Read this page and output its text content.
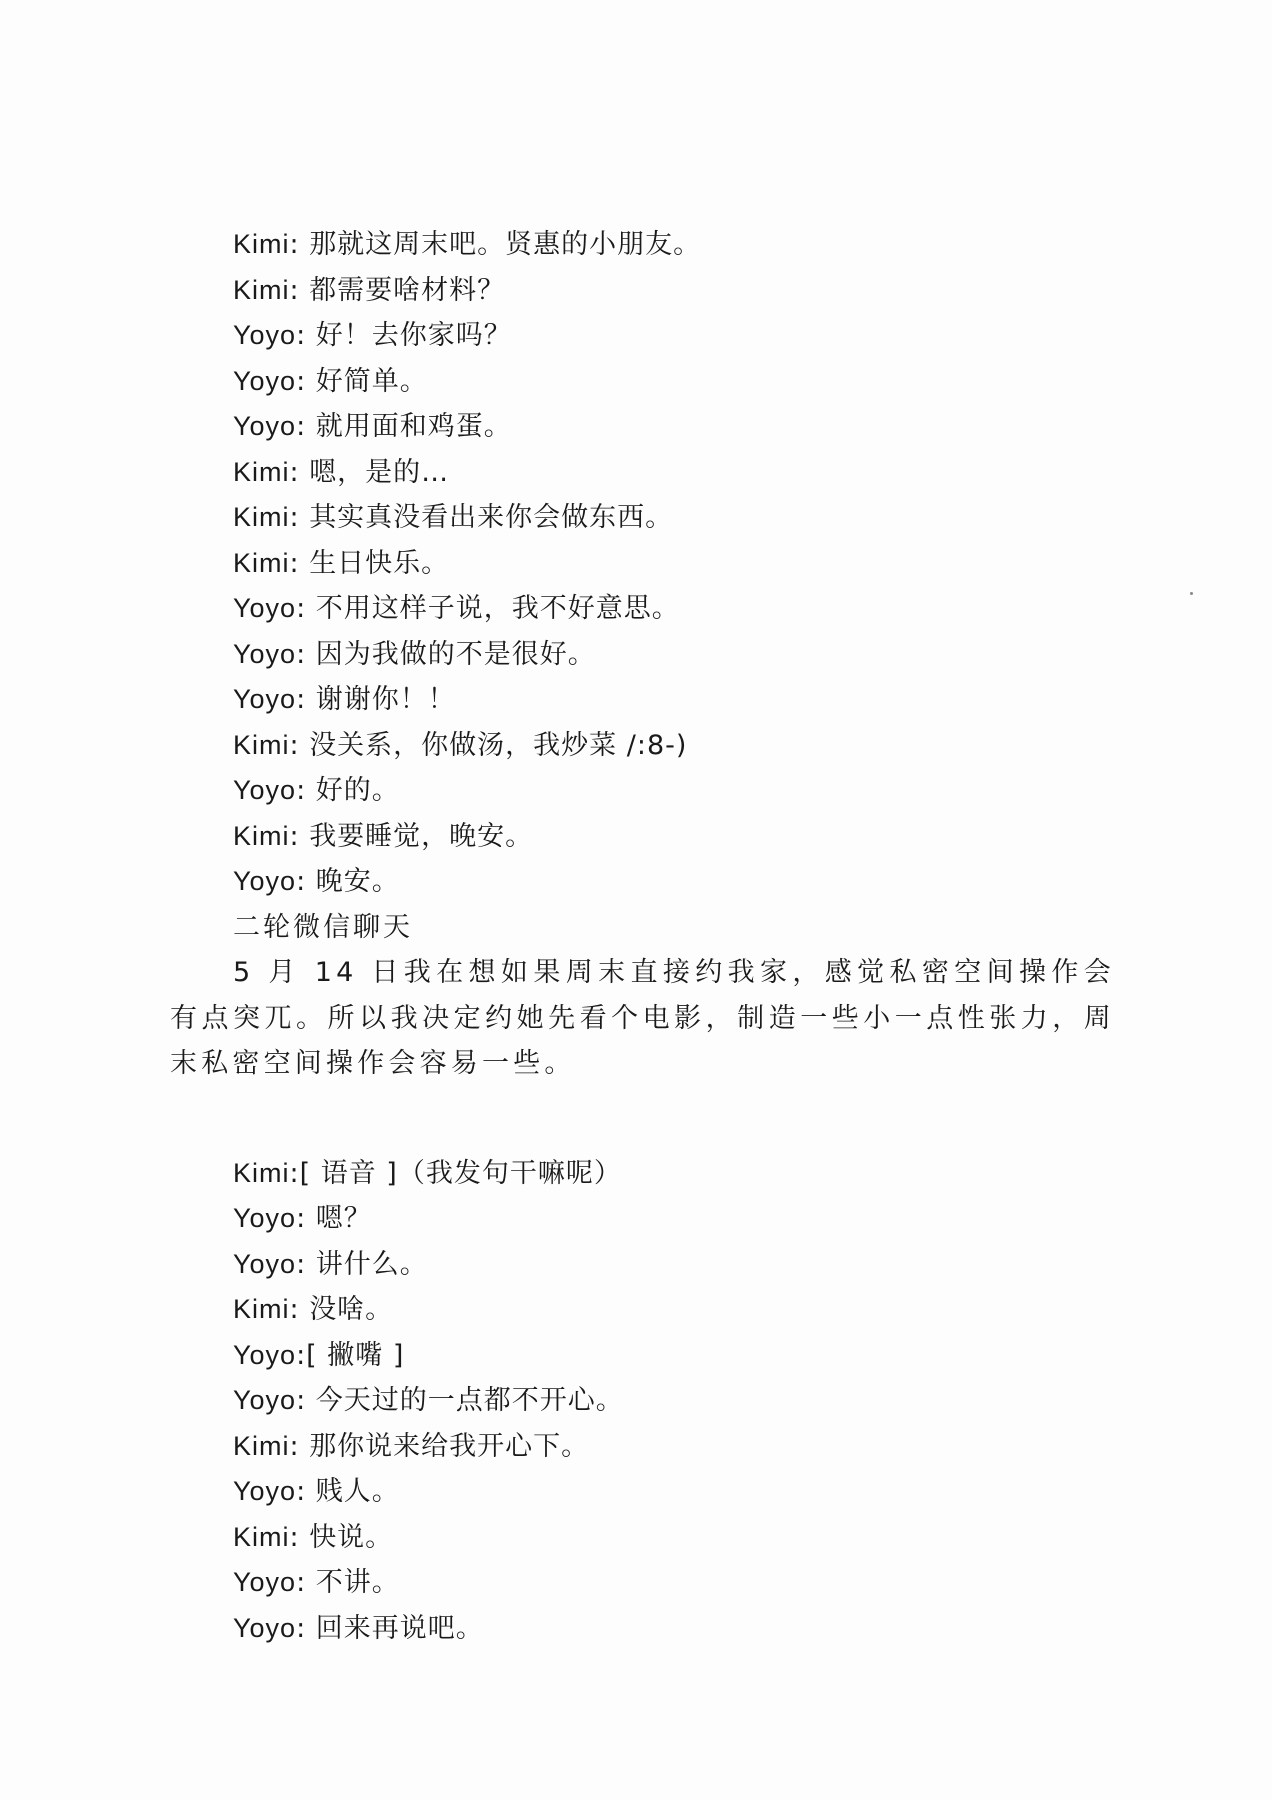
Kimi: 那就这周末吧。贤惠的小朋友。
Kimi: 都需要啥材料？
Yoyo: 好！去你家吗？
Yoyo: 好简单。
Yoyo: 就用面和鸡蛋。
Kimi: 嗯，是的…
Kimi: 其实真没看出来你会做东西。
Kimi: 生日快乐。
Yoyo: 不用这样子说，我不好意思。
Yoyo: 因为我做的不是很好。
Yoyo: 谢谢你！！
Kimi: 没关系，你做汤，我炒菜 /:8-)
Yoyo: 好的。
Kimi: 我要睡觉，晚安。
Yoyo: 晚安。
二轮微信聊天

5 月 14 日我在想如果周末直接约我家，感觉私密空间操作会有点突兀。所以我决定约她先看个电影，制造一些小一点性张力，周末私密空间操作会容易一些。

Kimi:[ 语音 ]（我发句干嘛呢）
Yoyo: 嗯？
Yoyo: 讲什么。
Kimi: 没啥。
Yoyo:[ 撇嘴 ]
Yoyo: 今天过的一点都不开心。
Kimi: 那你说来给我开心下。
Yoyo: 贱人。
Kimi: 快说。
Yoyo: 不讲。
Yoyo: 回来再说吧。
